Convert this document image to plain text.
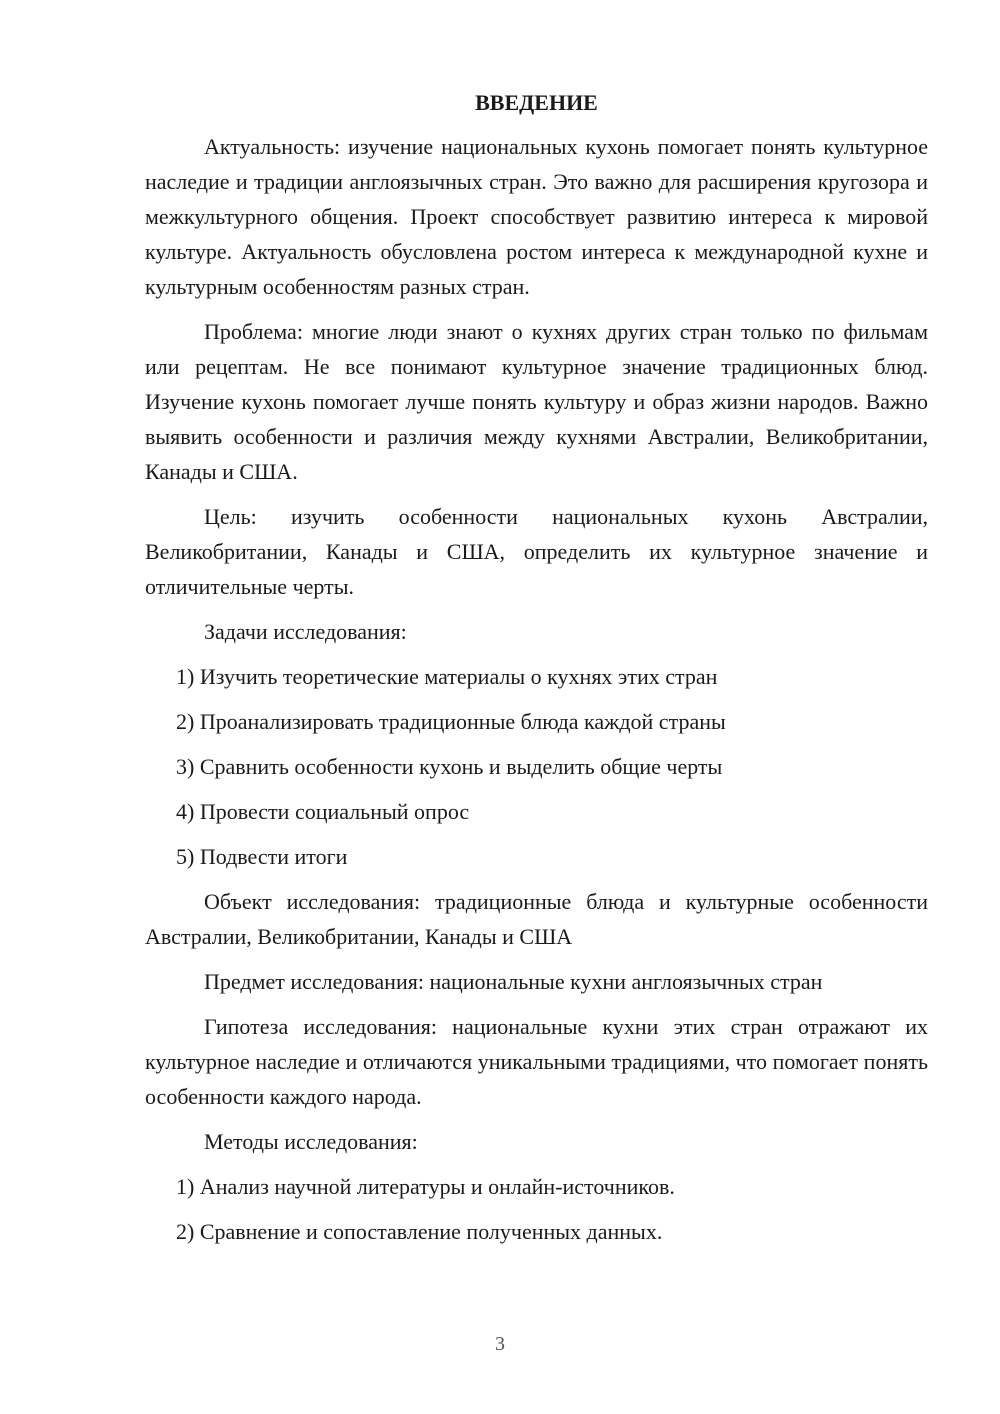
ВВЕДЕНИЕ

Актуальность: изучение национальных кухонь помогает понять культурное наследие и традиции англоязычных стран. Это важно для расширения кругозора и межкультурного общения. Проект способствует развитию интереса к мировой культуре. Актуальность обусловлена ростом интереса к международной кухне и культурным особенностям разных стран.

Проблема: многие люди знают о кухнях других стран только по фильмам или рецептам. Не все понимают культурное значение традиционных блюд. Изучение кухонь помогает лучше понять культуру и образ жизни народов. Важно выявить особенности и различия между кухнями Австралии, Великобритании, Канады и США.

Цель: изучить особенности национальных кухонь Австралии, Великобритании, Канады и США, определить их культурное значение и отличительные черты.

Задачи исследования:

1) Изучить теоретические материалы о кухнях этих стран
2) Проанализировать традиционные блюда каждой страны
3) Сравнить особенности кухонь и выделить общие черты
4) Провести социальный опрос
5) Подвести итоги

Объект исследования: традиционные блюда и культурные особенности Австралии, Великобритании, Канады и США

Предмет исследования: национальные кухни англоязычных стран

Гипотеза исследования: национальные кухни этих стран отражают их культурное наследие и отличаются уникальными традициями, что помогает понять особенности каждого народа.

Методы исследования:

1) Анализ научной литературы и онлайн-источников.
2) Сравнение и сопоставление полученных данных.
3
